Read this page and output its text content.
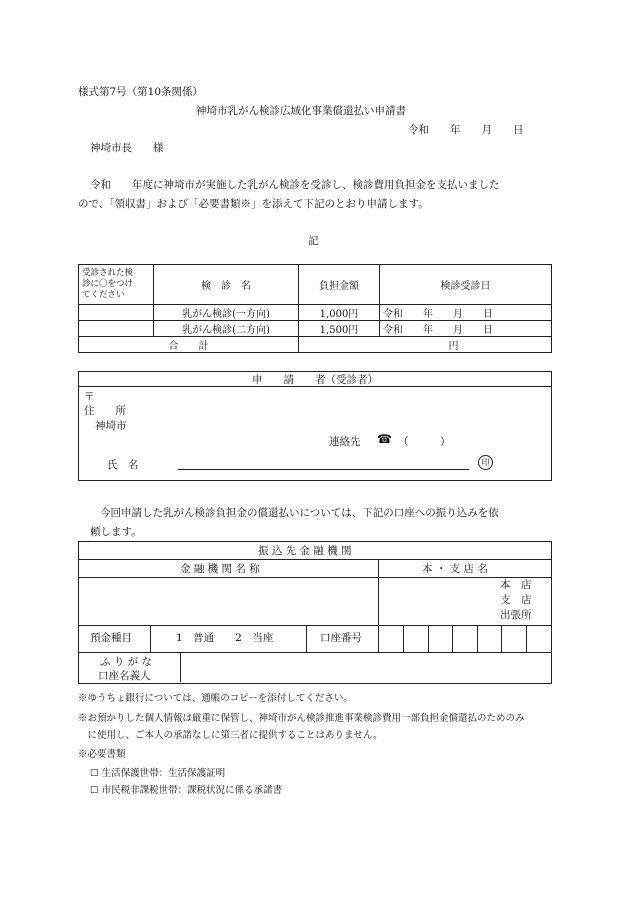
様式第7号（第10条関係）
神埼市乳がん検診広域化事業償還払い申請書
令和　　年　　月　　日
神埼市長　　様
令和　　年度に神埼市が実施した乳がん検診を受診し、検診費用負担金を支払いました
ので、「領収書」および「必要書類※」を添えて下記のとおり申請します。
記
受診された検
診に〇をつけ
てください	検　診　名	負担金額	検診受診日
	乳がん検診(一方向)	1,000円	令和　　年　　月　　日
	乳がん検診(二方向)	1,500円	令和　　年　　月　　日
合　　計		円	
申　　請　　者（受診者）
〒
住　　所
神埼市
連絡先 ☎ （　　　）
氏　名	印
今回申請した乳がん検診負担金の償還払いについては、下記の口座への振り込みを依
頼します。
振 込 先 金 融 機 関
金 融 機 関 名 称	本 ・ 支 店 名
本　店
支　店
出張所
預金種目	1　普通　　2　当座	口座番号
ふ り が な
口座名義人
※ゆうちょ銀行については、通帳のコピーを添付してください。
※お預かりした個人情報は厳重に保管し、神埼市がん検診推進事業検診費用一部負担金償還払のためのみ
　に使用し、ご本人の承諾なしに第三者に提供することはありません。
※必要書類
☐ 生活保護世帯：生活保護証明
☐ 市民税非課税世帯：課税状況に係る承諾書
